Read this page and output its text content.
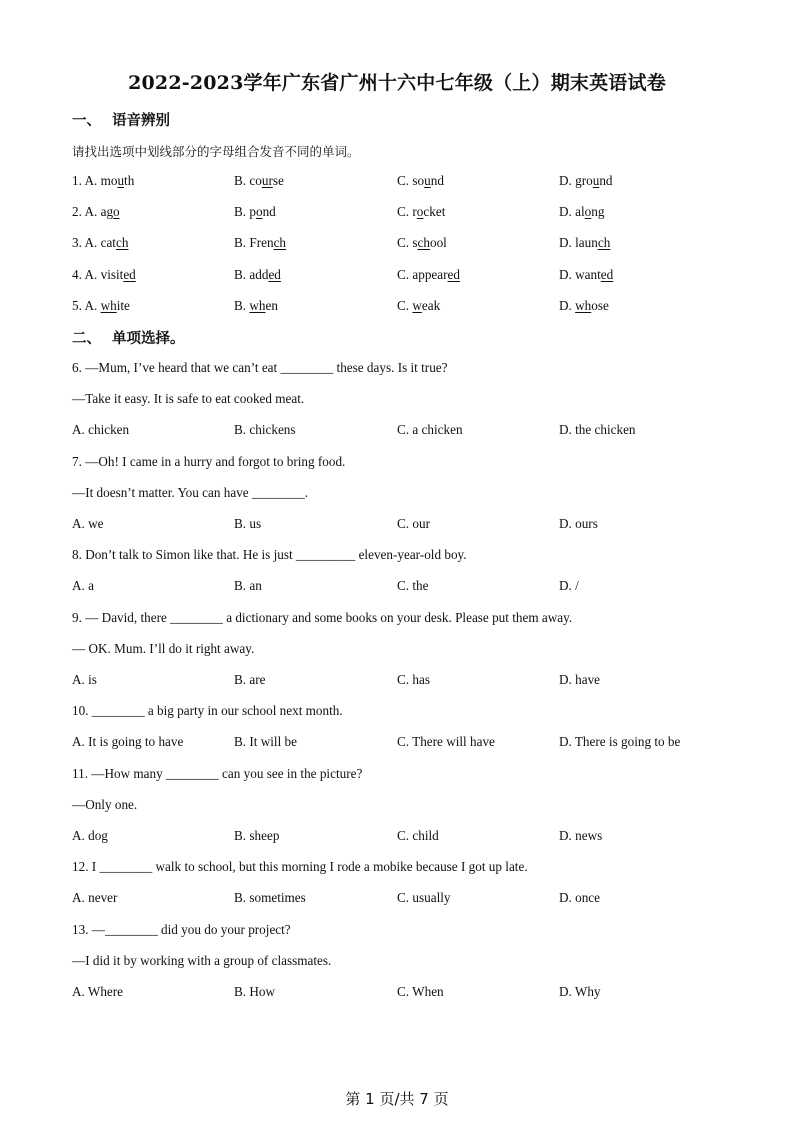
2022-2023学年广东省广州十六中七年级（上）期末英语试卷
一、 语音辨别
请找出选项中划线部分的字母组合发音不同的单词。
1. A. mouth	B. course	C. sound	D. ground
2. A. ago	B. pond	C. rocket	D. along
3. A. catch	B. French	C. school	D. launch
4. A. visited	B. added	C. appeared	D. wanted
5. A. white	B. when	C. weak	D. whose
二、 单项选择。
6. —Mum, I’ve heard that we can’t eat ________ these days. Is it true?
—Take it easy. It is safe to eat cooked meat.
A. chicken	B. chickens	C. a chicken	D. the chicken
7. —Oh! I came in a hurry and forgot to bring food.
—It doesn’t matter. You can have ________.
A. we	B. us	C. our	D. ours
8. Don’t talk to Simon like that. He is just _________ eleven-year-old boy.
A. a	B. an	C. the	D. /
9. — David, there ________ a dictionary and some books on your desk. Please put them away.
— OK. Mum. I’ll do it right away.
A. is	B. are	C. has	D. have
10. ________ a big party in our school next month.
A. It is going to have	B. It will be	C. There will have	D. There is going to be
11. —How many ________ can you see in the picture?
—Only one.
A. dog	B. sheep	C. child	D. news
12. I ________ walk to school, but this morning I rode a mobike because I got up late.
A. never	B. sometimes	C. usually	D. once
13. —________ did you do your project?
—I did it by working with a group of classmates.
A. Where	B. How	C. When	D. Why
第 1 页/共 7 页
